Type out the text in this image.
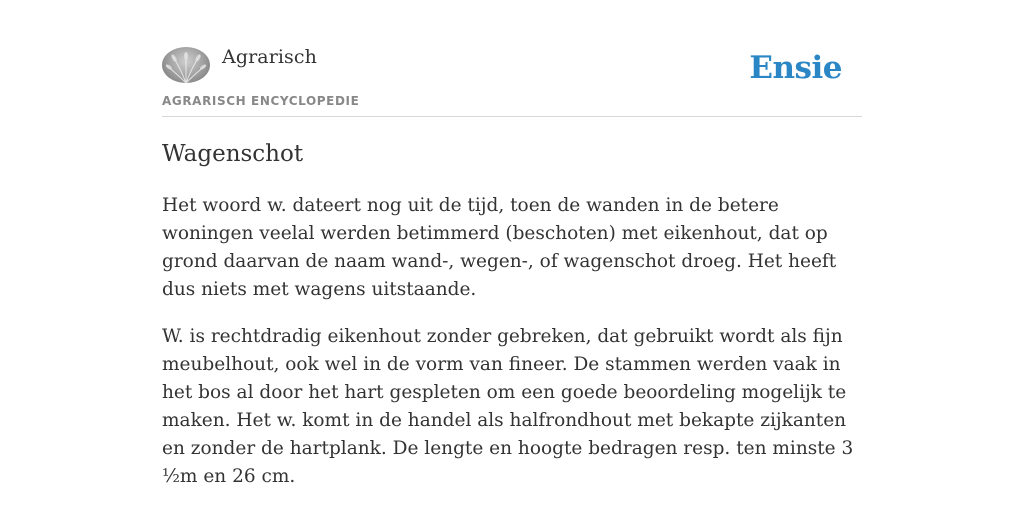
Agrarisch
AGRARISCH ENCYCLOPEDIE
Ensie
Wagenschot

Het woord w. dateert nog uit de tijd, toen de wanden in de betere woningen veelal werden betimmerd (beschoten) met eikenhout, dat op grond daarvan de naam wand-, wegen-, of wagenschot droeg. Het heeft dus niets met wagens uitstaande.

W. is rechtdradig eikenhout zonder gebreken, dat gebruikt wordt als fijn meubelhout, ook wel in de vorm van fineer. De stammen werden vaak in het bos al door het hart gespleten om een goede beoordeling mogelijk te maken. Het w. komt in de handel als halfrondhout met bekapte zijkanten en zonder de hartplank. De lengte en hoogte bedragen resp. ten minste 3 ½m en 26 cm.
